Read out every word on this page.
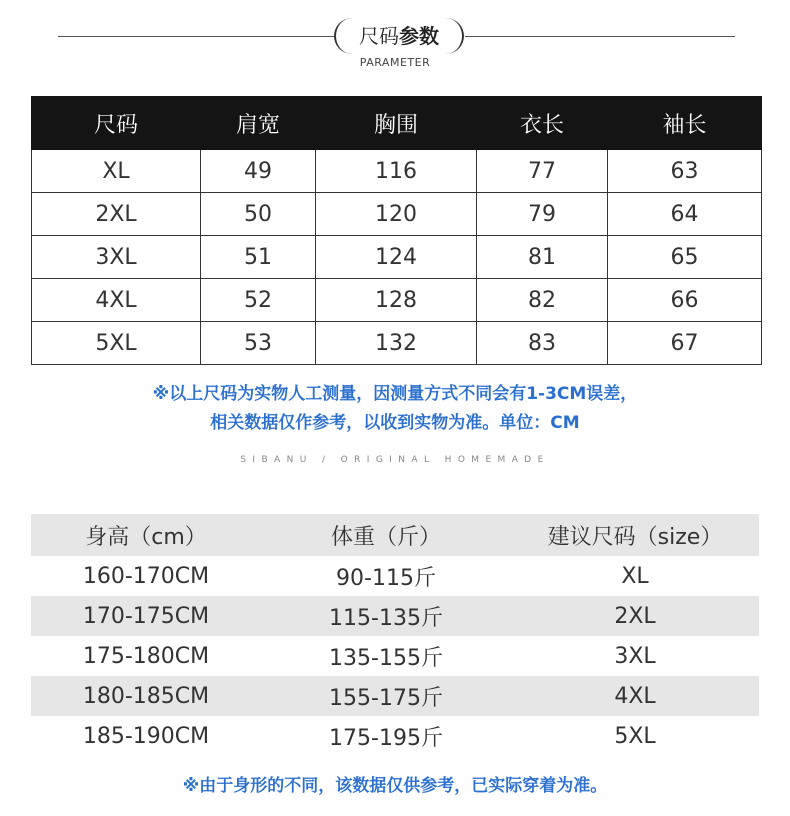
尺码参数
PARAMETER
尺码	肩宽	胸围	衣长	袖长
XL	49	116	77	63
2XL	50	120	79	64
3XL	51	124	81	65
4XL	52	128	82	66
5XL	53	132	83	67
※以上尺码为实物人工测量，因测量方式不同会有1-3CM误差，
相关数据仅作参考，以收到实物为准。单位：CM
SIBANU / ORIGINAL HOMEMADE
身高（cm）	体重（斤）	建议尺码（size）
160-170CM	90-115斤	XL
170-175CM	115-135斤	2XL
175-180CM	135-155斤	3XL
180-185CM	155-175斤	4XL
185-190CM	175-195斤	5XL
※由于身形的不同，该数据仅供参考，已实际穿着为准。
